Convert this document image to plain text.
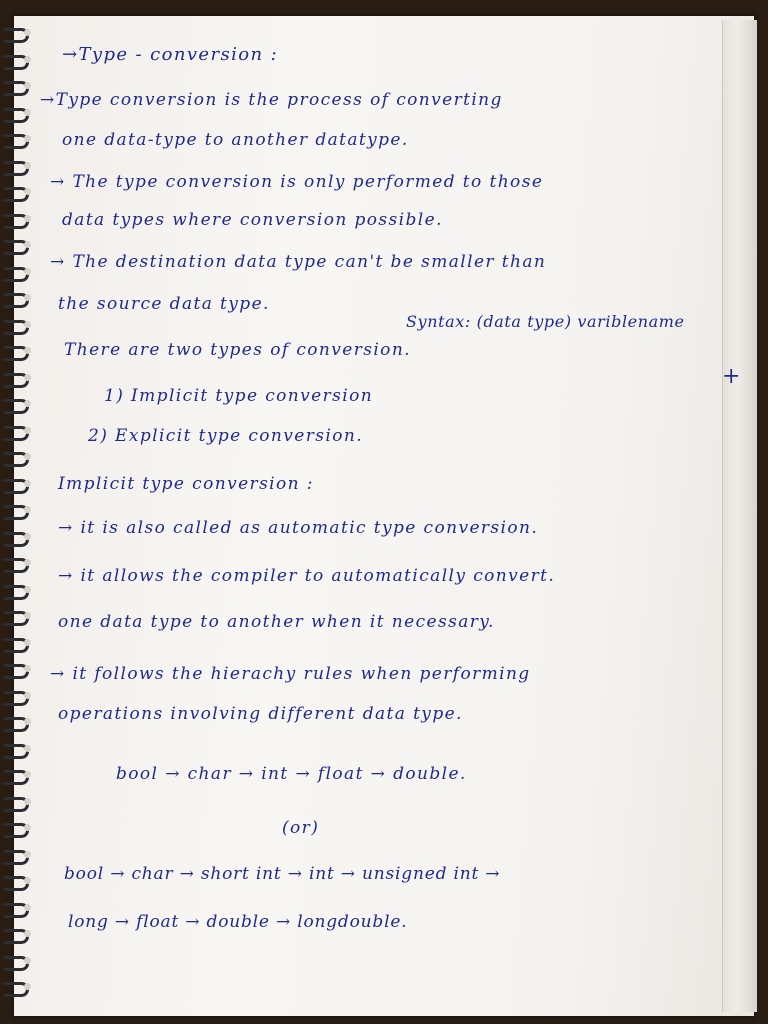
→Type - conversion :
→Type conversion is the process of converting
one data-type to another datatype.
→ The type conversion is only performed to those
data types where conversion possible.
→ The destination data type can't be smaller than
the source data type.
Syntax: (data type) variblename
There are two types of conversion.
1) Implicit type conversion
2) Explicit type conversion.
Implicit type conversion :
→ it is also called as automatic type conversion.
→ it allows the compiler to automatically convert.
one data type to another when it necessary.
→ it follows the hierachy rules when performing
operations involving different data type.
bool → char → int → float → double.
(or)
bool → char → short int → int → unsigned int →
long → float → double → longdouble.
+
